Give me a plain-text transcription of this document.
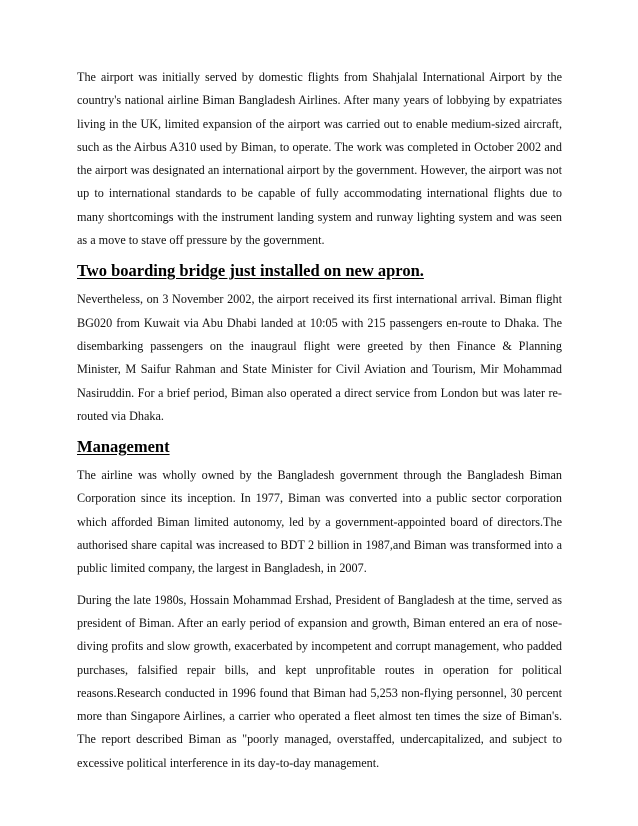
The airport was initially served by domestic flights from Shahjalal International Airport by the country's national airline Biman Bangladesh Airlines. After many years of lobbying by expatriates living in the UK, limited expansion of the airport was carried out to enable medium-sized aircraft, such as the Airbus A310 used by Biman, to operate. The work was completed in October 2002 and the airport was designated an international airport by the government. However, the airport was not up to international standards to be capable of fully accommodating international flights due to many shortcomings with the instrument landing system and runway lighting system and was seen as a move to stave off pressure by the government.

Two boarding bridge just installed on new apron.

Nevertheless, on 3 November 2002, the airport received its first international arrival. Biman flight BG020 from Kuwait via Abu Dhabi landed at 10:05 with 215 passengers en-route to Dhaka. The disembarking passengers on the inaugraul flight were greeted by then Finance & Planning Minister, M Saifur Rahman and State Minister for Civil Aviation and Tourism, Mir Mohammad Nasiruddin. For a brief period, Biman also operated a direct service from London but was later re-routed via Dhaka.

Management

The airline was wholly owned by the Bangladesh government through the Bangladesh Biman Corporation since its inception. In 1977, Biman was converted into a public sector corporation which afforded Biman limited autonomy, led by a government-appointed board of directors.The authorised share capital was increased to BDT 2 billion in 1987,and Biman was transformed into a public limited company, the largest in Bangladesh, in 2007.

During the late 1980s, Hossain Mohammad Ershad, President of Bangladesh at the time, served as president of Biman. After an early period of expansion and growth, Biman entered an era of nose-diving profits and slow growth, exacerbated by incompetent and corrupt management, who padded purchases, falsified repair bills, and kept unprofitable routes in operation for political reasons.Research conducted in 1996 found that Biman had 5,253 non-flying personnel, 30 percent more than Singapore Airlines, a carrier who operated a fleet almost ten times the size of Biman's. The report described Biman as "poorly managed, overstaffed, undercapitalized, and subject to excessive political interference in its day-to-day management.
